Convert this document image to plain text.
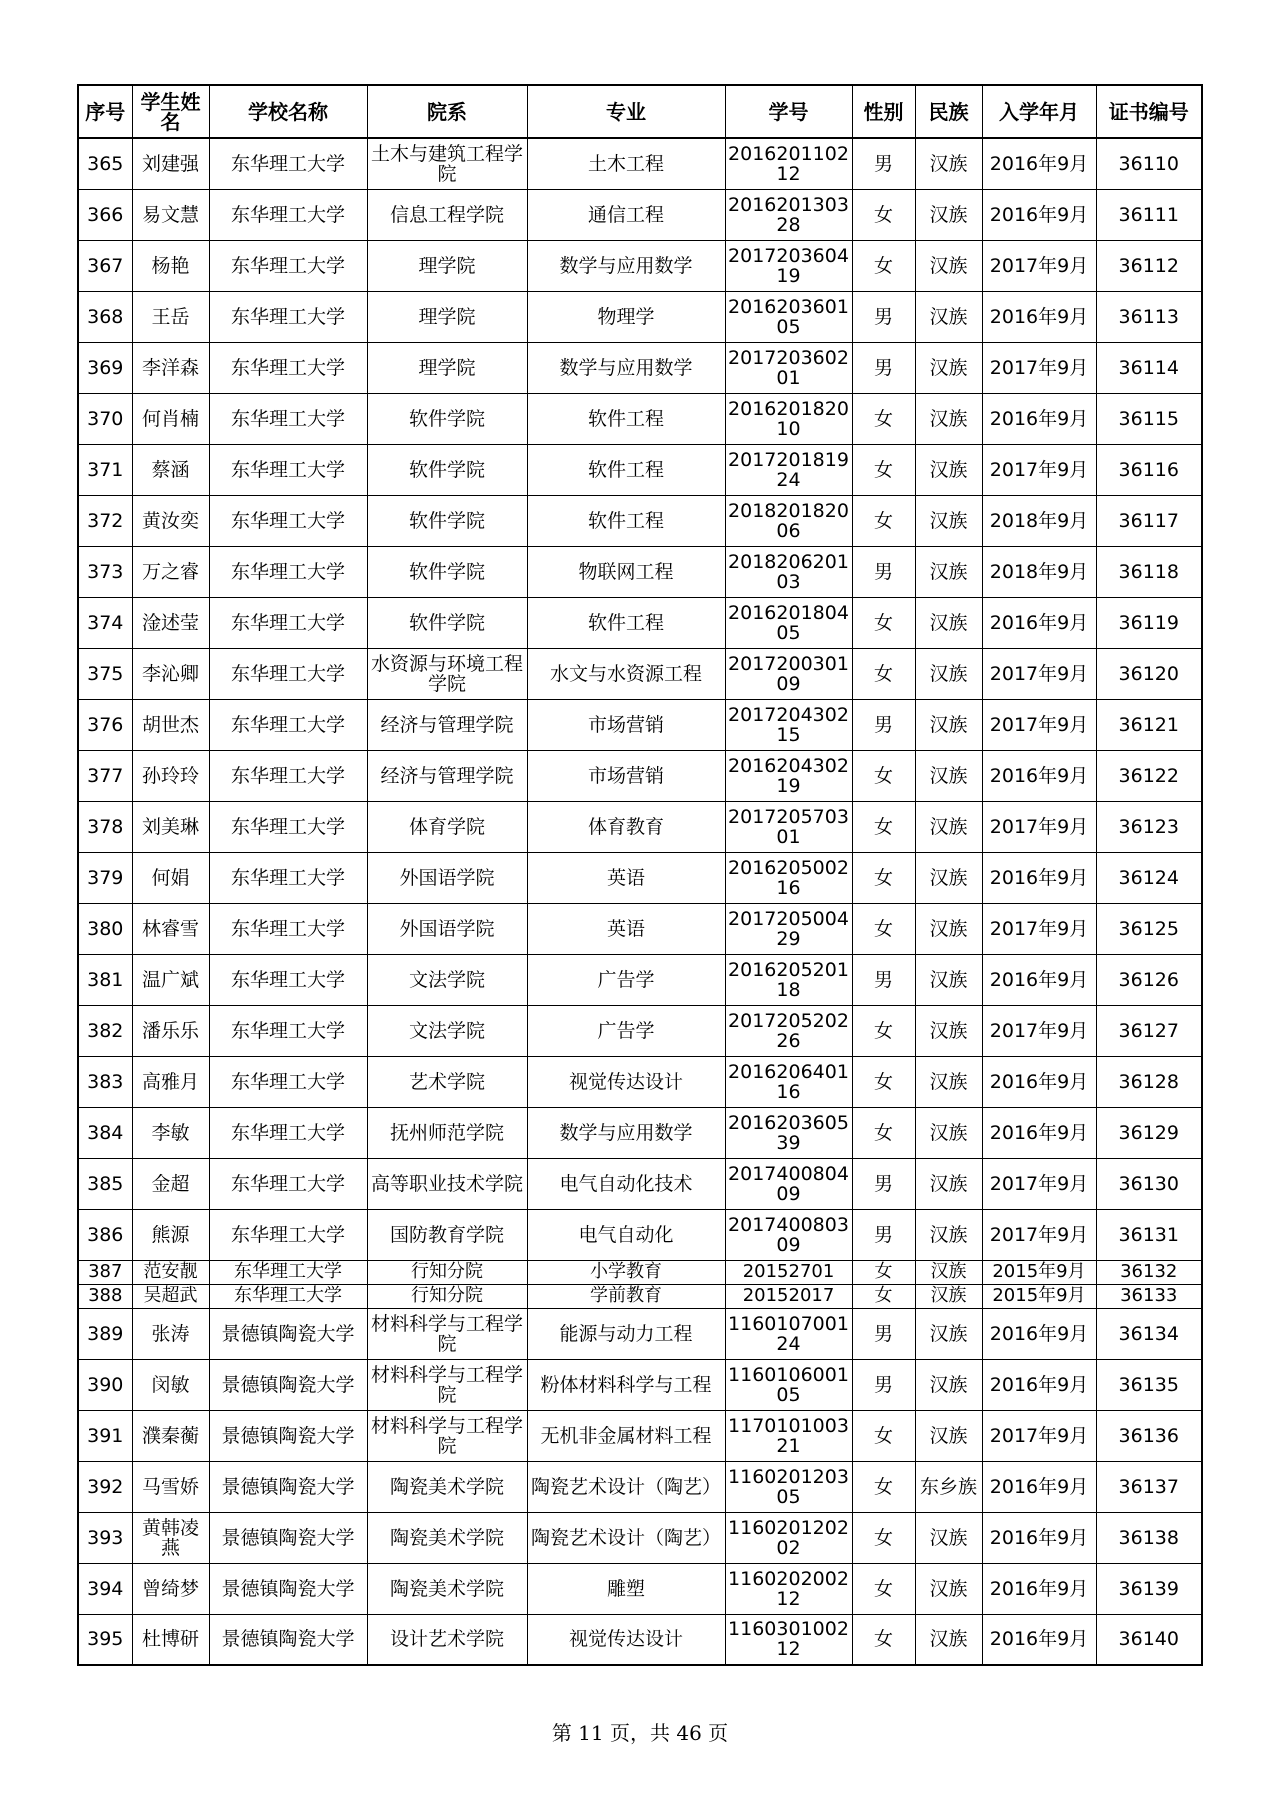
序号	学生姓名	学校名称	院系	专业	学号	性别	民族	入学年月	证书编号
365	刘建强	东华理工大学	土木与建筑工程学院	土木工程	201620110212	男	汉族	2016年9月	36110
366	易文慧	东华理工大学	信息工程学院	通信工程	201620130328	女	汉族	2016年9月	36111
367	杨艳	东华理工大学	理学院	数学与应用数学	201720360419	女	汉族	2017年9月	36112
368	王岳	东华理工大学	理学院	物理学	201620360105	男	汉族	2016年9月	36113
369	李洋森	东华理工大学	理学院	数学与应用数学	201720360201	男	汉族	2017年9月	36114
370	何肖楠	东华理工大学	软件学院	软件工程	201620182010	女	汉族	2016年9月	36115
371	蔡涵	东华理工大学	软件学院	软件工程	201720181924	女	汉族	2017年9月	36116
372	黄汝奕	东华理工大学	软件学院	软件工程	201820182006	女	汉族	2018年9月	36117
373	万之睿	东华理工大学	软件学院	物联网工程	201820620103	男	汉族	2018年9月	36118
374	淦述莹	东华理工大学	软件学院	软件工程	201620180405	女	汉族	2016年9月	36119
375	李沁卿	东华理工大学	水资源与环境工程学院	水文与水资源工程	201720030109	女	汉族	2017年9月	36120
376	胡世杰	东华理工大学	经济与管理学院	市场营销	201720430215	男	汉族	2017年9月	36121
377	孙玲玲	东华理工大学	经济与管理学院	市场营销	201620430219	女	汉族	2016年9月	36122
378	刘美琳	东华理工大学	体育学院	体育教育	201720570301	女	汉族	2017年9月	36123
379	何娟	东华理工大学	外国语学院	英语	201620500216	女	汉族	2016年9月	36124
380	林睿雪	东华理工大学	外国语学院	英语	201720500429	女	汉族	2017年9月	36125
381	温广斌	东华理工大学	文法学院	广告学	201620520118	男	汉族	2016年9月	36126
382	潘乐乐	东华理工大学	文法学院	广告学	201720520226	女	汉族	2017年9月	36127
383	高雅月	东华理工大学	艺术学院	视觉传达设计	201620640116	女	汉族	2016年9月	36128
384	李敏	东华理工大学	抚州师范学院	数学与应用数学	201620360539	女	汉族	2016年9月	36129
385	金超	东华理工大学	高等职业技术学院	电气自动化技术	201740080409	男	汉族	2017年9月	36130
386	熊源	东华理工大学	国防教育学院	电气自动化	201740080309	男	汉族	2017年9月	36131
387	范安靓	东华理工大学	行知分院	小学教育	20152701	女	汉族	2015年9月	36132
388	吴超武	东华理工大学	行知分院	学前教育	20152017	女	汉族	2015年9月	36133
389	张涛	景德镇陶瓷大学	材料科学与工程学院	能源与动力工程	116010700124	男	汉族	2016年9月	36134
390	闵敏	景德镇陶瓷大学	材料科学与工程学院	粉体材料科学与工程	116010600105	男	汉族	2016年9月	36135
391	濮秦蘅	景德镇陶瓷大学	材料科学与工程学院	无机非金属材料工程	117010100321	女	汉族	2017年9月	36136
392	马雪娇	景德镇陶瓷大学	陶瓷美术学院	陶瓷艺术设计（陶艺）	116020120305	女	东乡族	2016年9月	36137
393	黄韩凌燕	景德镇陶瓷大学	陶瓷美术学院	陶瓷艺术设计（陶艺）	116020120202	女	汉族	2016年9月	36138
394	曾绮梦	景德镇陶瓷大学	陶瓷美术学院	雕塑	116020200212	女	汉族	2016年9月	36139
395	杜博研	景德镇陶瓷大学	设计艺术学院	视觉传达设计	116030100212	女	汉族	2016年9月	36140
第 11 页，共 46 页
